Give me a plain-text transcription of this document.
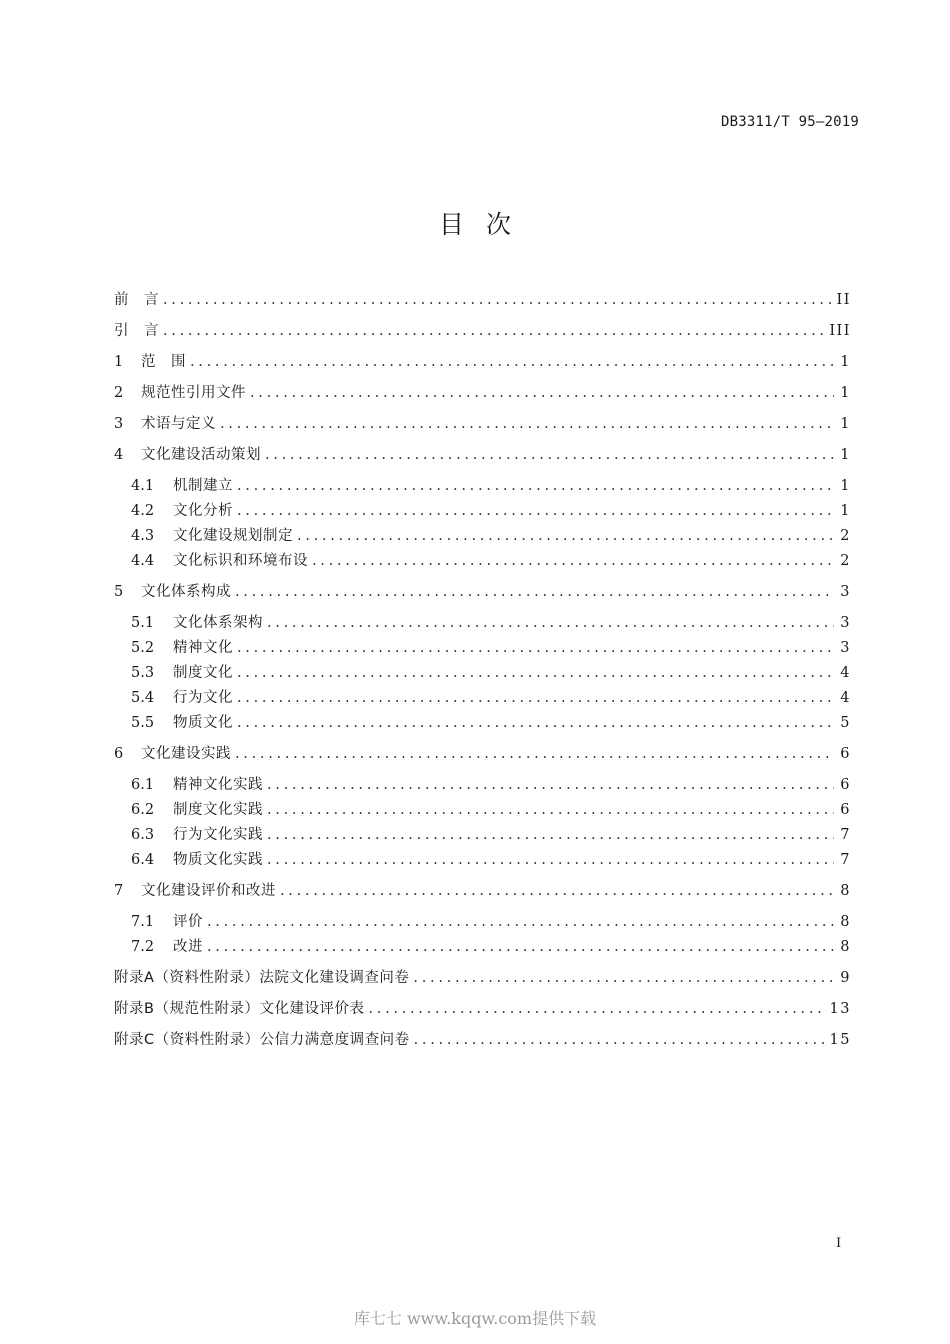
DB3311/T 95—2019
目次
前　言 .....	II
引　言 .....	III
1	范　围 .....	1
2	规范性引用文件 .....	1
3	术语与定义 .....	1
4	文化建设活动策划 .....	1
4.1	机制建立 .....	1
4.2	文化分析 .....	1
4.3	文化建设规划制定 .....	2
4.4	文化标识和环境布设 .....	2
5	文化体系构成 .....	3
5.1	文化体系架构 .....	3
5.2	精神文化 .....	3
5.3	制度文化 .....	4
5.4	行为文化 .....	4
5.5	物质文化 .....	5
6	文化建设实践 .....	6
6.1	精神文化实践 .....	6
6.2	制度文化实践 .....	6
6.3	行为文化实践 .....	7
6.4	物质文化实践 .....	7
7	文化建设评价和改进 .....	8
7.1	评价 .....	8
7.2	改进 .....	8
附录A（资料性附录）法院文化建设调查问卷 .....	9
附录B（规范性附录）文化建设评价表 .....	13
附录C（资料性附录）公信力满意度调查问卷 .....	15
I
库七七 www.kqqw.com提供下载
